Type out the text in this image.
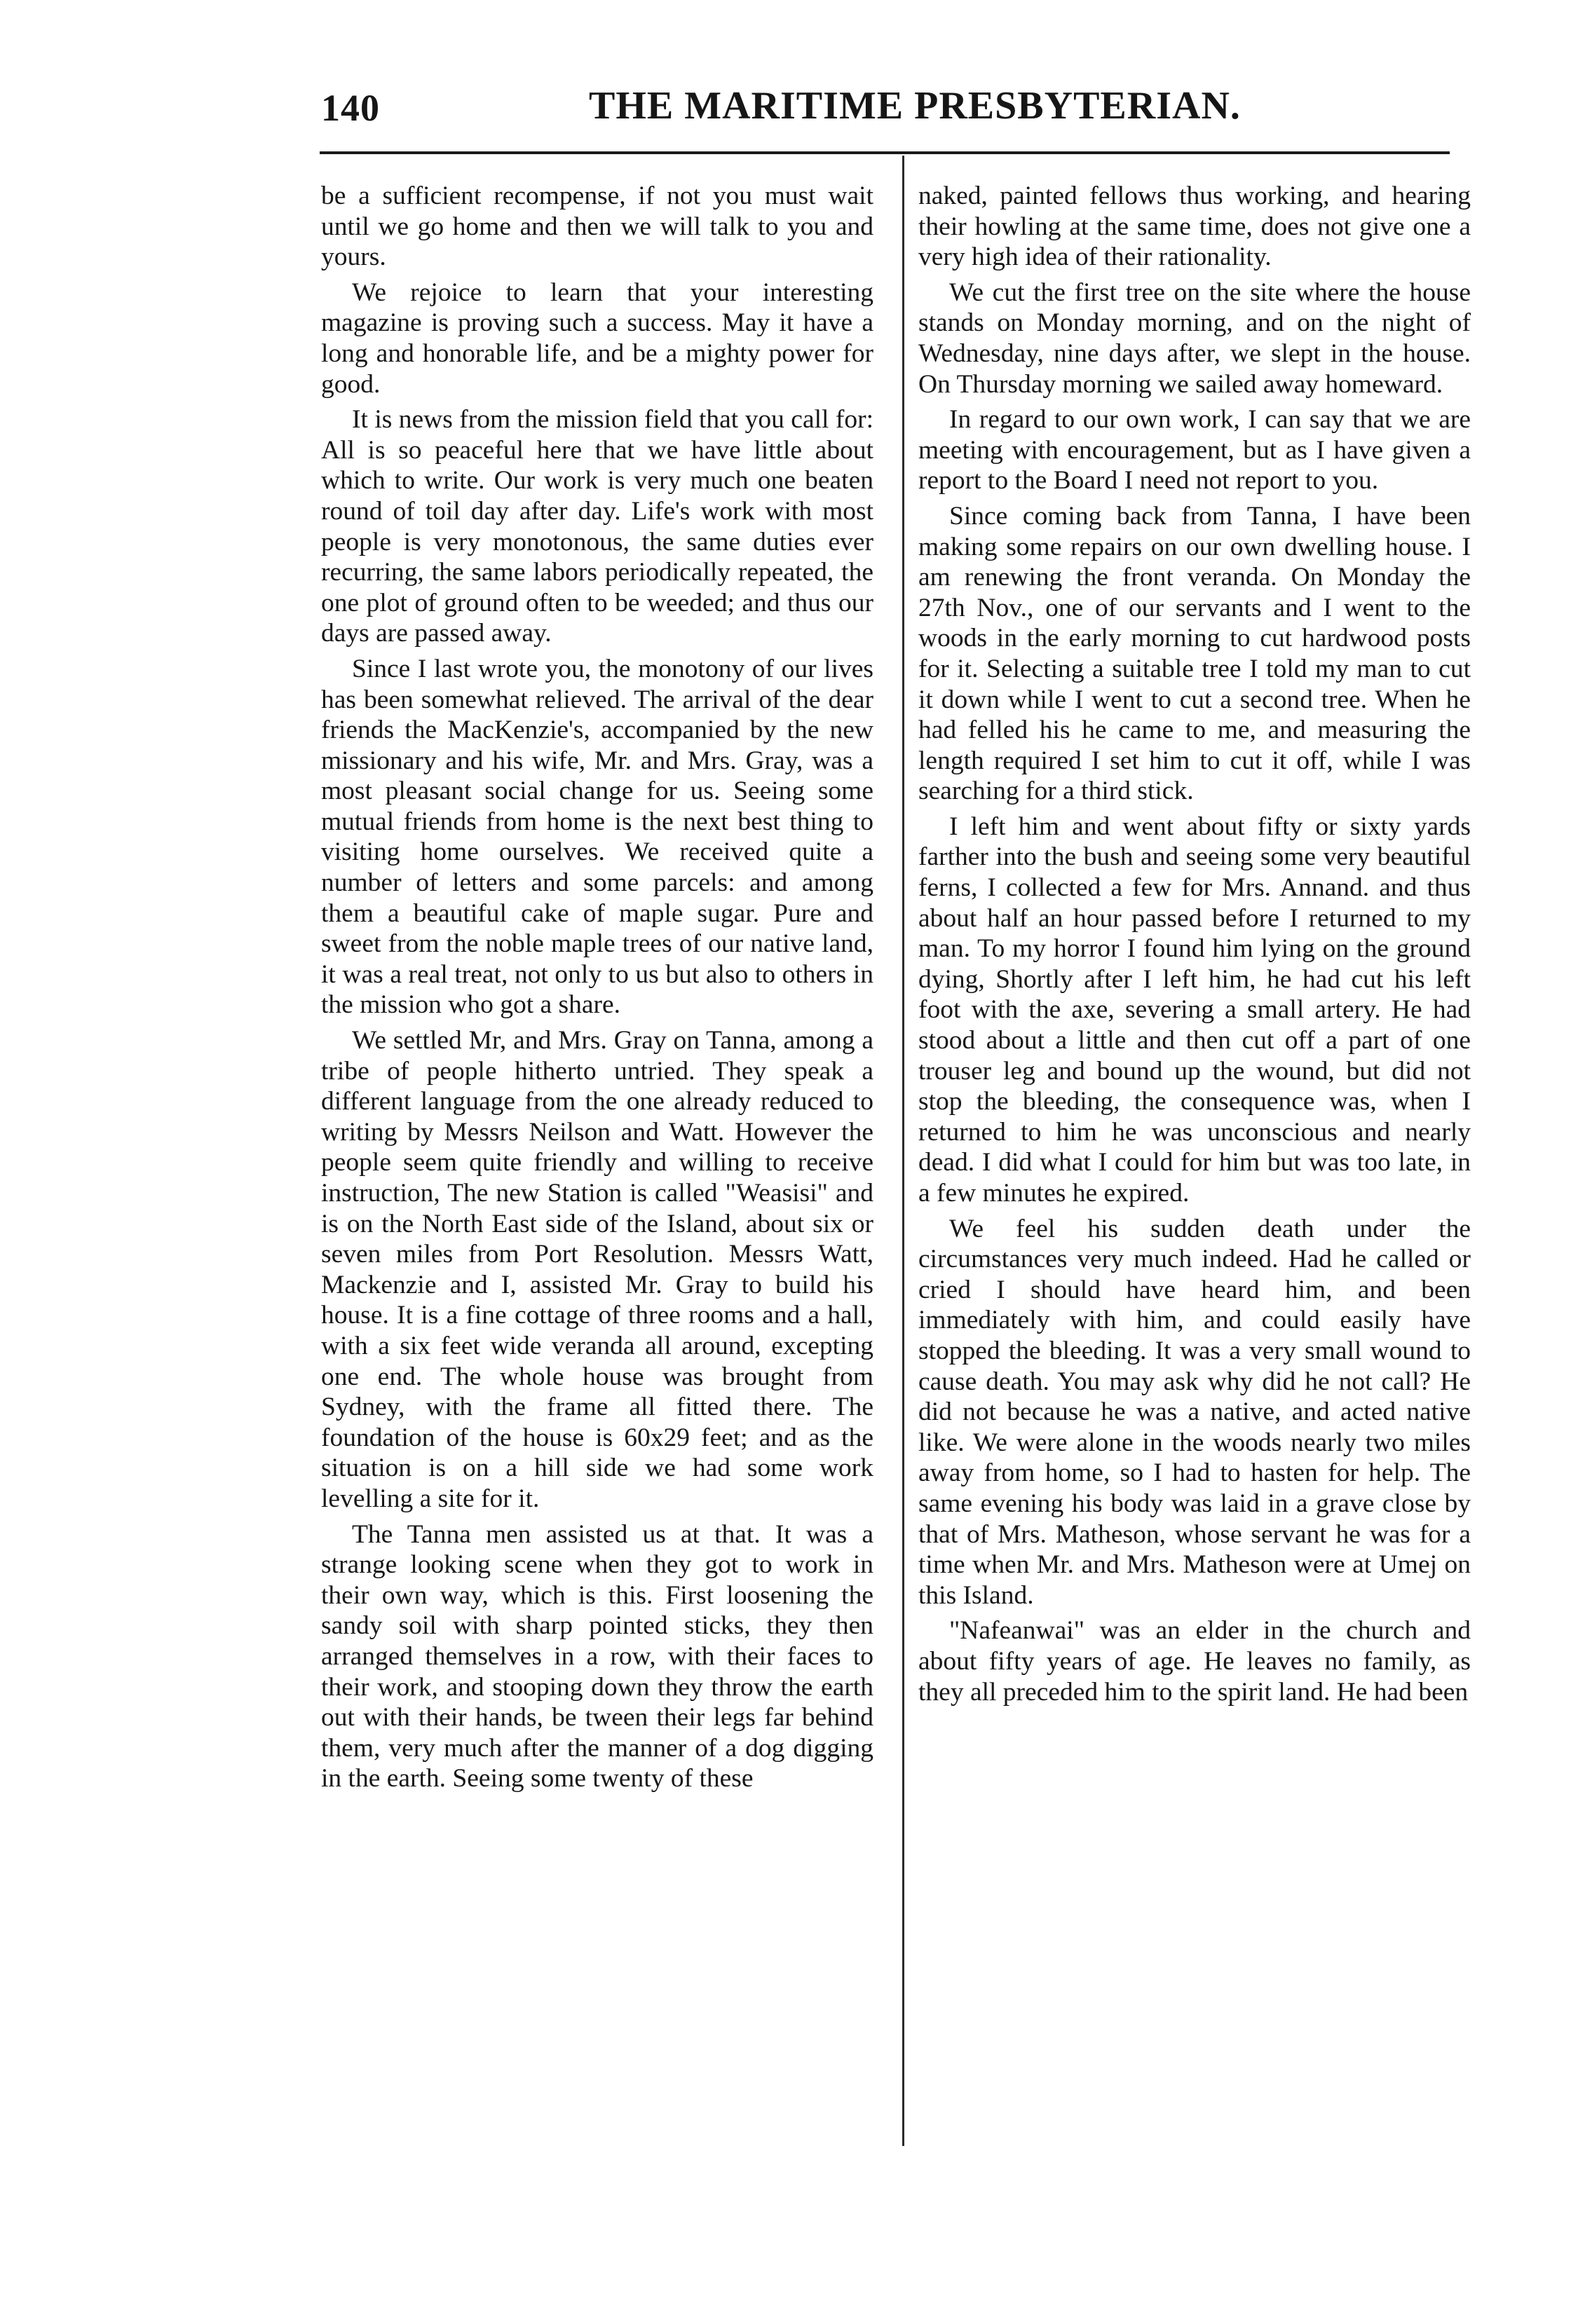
140	THE MARITIME PRESBYTERIAN.

be a sufficient recompense, if not you must wait until we go home and then we will talk to you and yours.

We rejoice to learn that your interesting magazine is proving such a success. May it have a long and honorable life, and be a mighty power for good.

It is news from the mission field that you call for: All is so peaceful here that we have little about which to write. Our work is very much one beaten round of toil day after day. Life's work with most people is very monotonous, the same duties ever recurring, the same labors periodically repeated, the one plot of ground often to be weeded; and thus our days are passed away.

Since I last wrote you, the monotony of our lives has been somewhat relieved. The arrival of the dear friends the MacKenzie's, accompanied by the new missionary and his wife, Mr. and Mrs. Gray, was a most pleasant social change for us. Seeing some mutual friends from home is the next best thing to visiting home ourselves. We received quite a number of letters and some parcels: and among them a beautiful cake of maple sugar. Pure and sweet from the noble maple trees of our native land, it was a real treat, not only to us but also to others in the mission who got a share.

We settled Mr, and Mrs. Gray on Tanna, among a tribe of people hitherto untried. They speak a different language from the one already reduced to writing by Messrs Neilson and Watt. However the people seem quite friendly and willing to receive instruction, The new Station is called "Weasisi" and is on the North East side of the Island, about six or seven miles from Port Resolution. Messrs Watt, Mackenzie and I, assisted Mr. Gray to build his house. It is a fine cottage of three rooms and a hall, with a six feet wide veranda all around, excepting one end. The whole house was brought from Sydney, with the frame all fitted there. The foundation of the house is 60x29 feet; and as the situation is on a hill side we had some work levelling a site for it.

The Tanna men assisted us at that. It was a strange looking scene when they got to work in their own way, which is this. First loosening the sandy soil with sharp pointed sticks, they then arranged themselves in a row, with their faces to their work, and stooping down they throw the earth out with their hands, be tween their legs far behind them, very much after the manner of a dog digging in the earth. Seeing some twenty of these

naked, painted fellows thus working, and hearing their howling at the same time, does not give one a very high idea of their rationality.

We cut the first tree on the site where the house stands on Monday morning, and on the night of Wednesday, nine days after, we slept in the house. On Thursday morning we sailed away homeward.

In regard to our own work, I can say that we are meeting with encouragement, but as I have given a report to the Board I need not report to you.

Since coming back from Tanna, I have been making some repairs on our own dwelling house. I am renewing the front veranda. On Monday the 27th Nov., one of our servants and I went to the woods in the early morning to cut hardwood posts for it. Selecting a suitable tree I told my man to cut it down while I went to cut a second tree. When he had felled his he came to me, and measuring the length required I set him to cut it off, while I was searching for a third stick.

I left him and went about fifty or sixty yards farther into the bush and seeing some very beautiful ferns, I collected a few for Mrs. Annand. and thus about half an hour passed before I returned to my man. To my horror I found him lying on the ground dying, Shortly after I left him, he had cut his left foot with the axe, severing a small artery. He had stood about a little and then cut off a part of one trouser leg and bound up the wound, but did not stop the bleeding, the consequence was, when I returned to him he was unconscious and nearly dead. I did what I could for him but was too late, in a few minutes he expired.

We feel his sudden death under the circumstances very much indeed. Had he called or cried I should have heard him, and been immediately with him, and could easily have stopped the bleeding. It was a very small wound to cause death. You may ask why did he not call? He did not because he was a native, and acted native like. We were alone in the woods nearly two miles away from home, so I had to hasten for help. The same evening his body was laid in a grave close by that of Mrs. Matheson, whose servant he was for a time when Mr. and Mrs. Matheson were at Umej on this Island.

"Nafeanwai" was an elder in the church and about fifty years of age. He leaves no family, as they all preceded him to the spirit land. He had been
